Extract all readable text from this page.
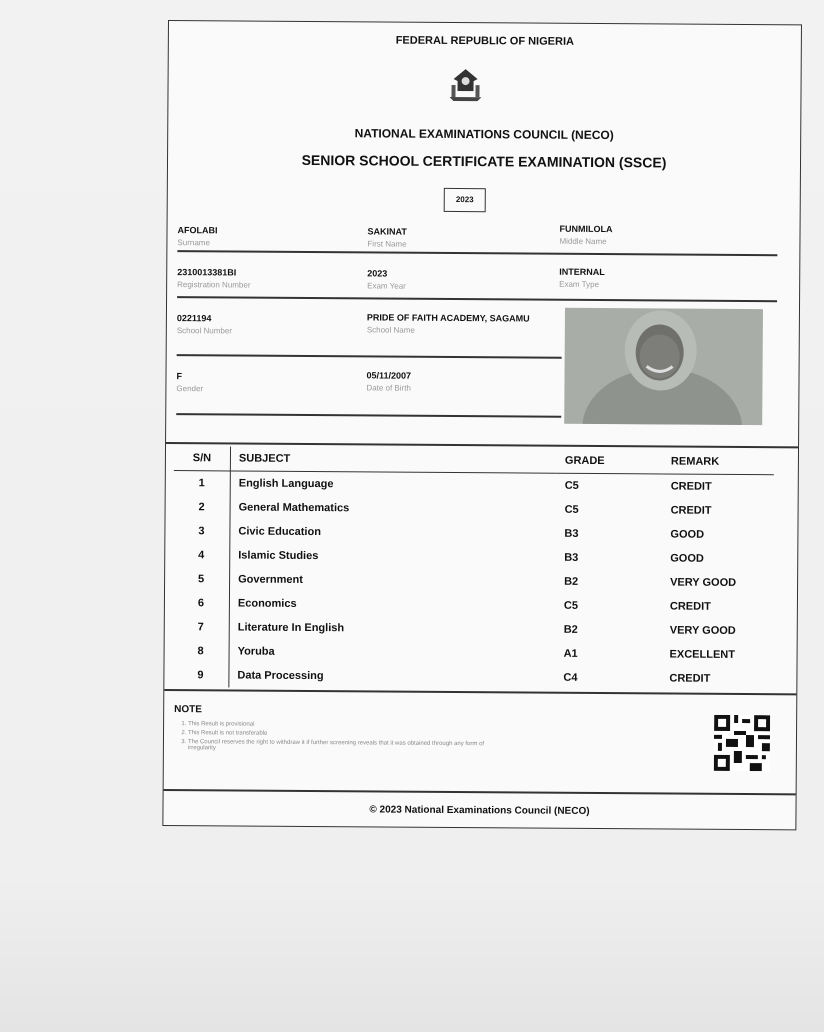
FEDERAL REPUBLIC OF NIGERIA
NATIONAL EXAMINATIONS COUNCIL (NECO)
SENIOR SCHOOL CERTIFICATE EXAMINATION (SSCE)
2023
AFOLABI
Surname
SAKINAT
First Name
FUNMILOLA
Middle Name
2310013381BI
Registration Number
2023
Exam Year
INTERNAL
Exam Type
0221194
School Number
PRIDE OF FAITH ACADEMY, SAGAMU
School Name
F
Gender
05/11/2007
Date of Birth
S/N	SUBJECT	GRADE	REMARK
1	English Language	C5	CREDIT
2	General Mathematics	C5	CREDIT
3	Civic Education	B3	GOOD
4	Islamic Studies	B3	GOOD
5	Government	B2	VERY GOOD
6	Economics	C5	CREDIT
7	Literature In English	B2	VERY GOOD
8	Yoruba	A1	EXCELLENT
9	Data Processing	C4	CREDIT
NOTE
1. This Result is provisional
2. This Result is not transferable
3. The Council reserves the right to withdraw it if further screening reveals that it was obtained through any form of irregularity
© 2023 National Examinations Council (NECO)
